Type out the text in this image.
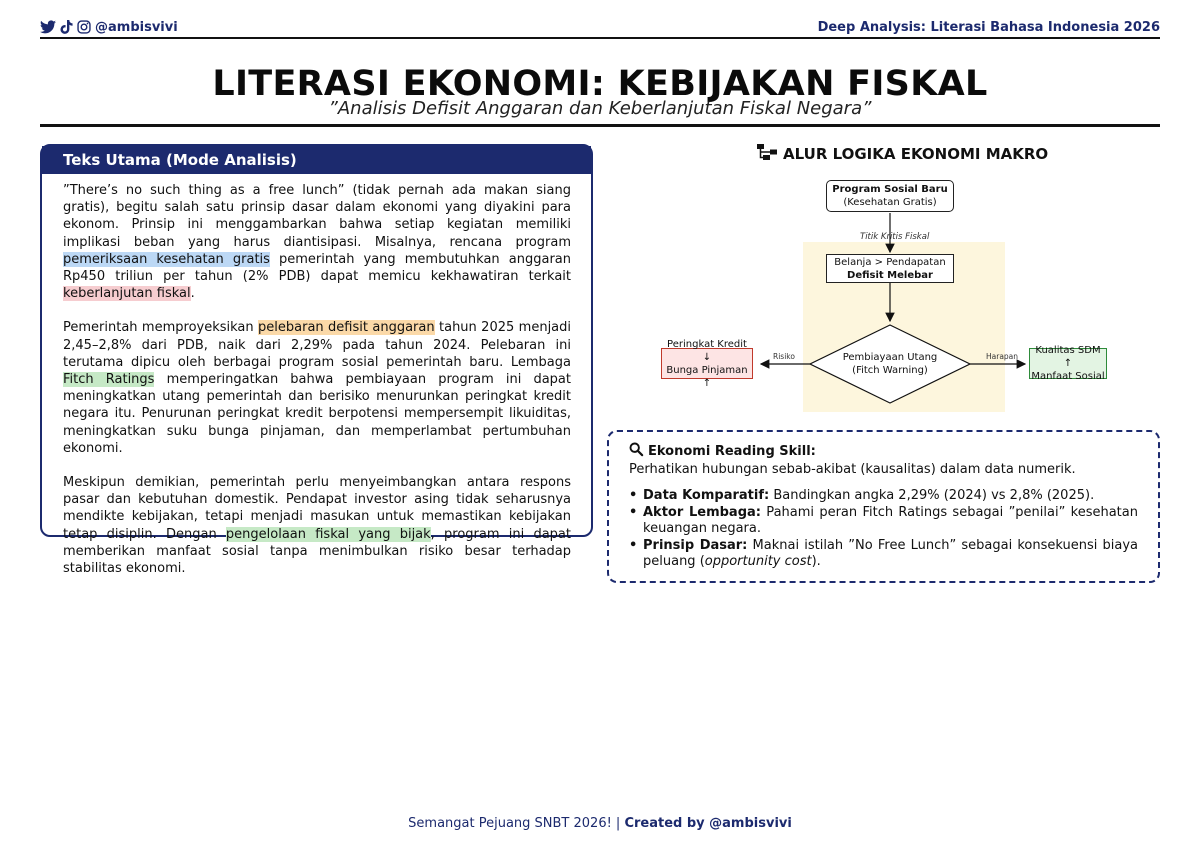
@ambisvivi	Deep Analysis: Literasi Bahasa Indonesia 2026
LITERASI EKONOMI: KEBIJAKAN FISKAL
”Analisis Defisit Anggaran dan Keberlanjutan Fiskal Negara”
Teks Utama (Mode Analisis)

”There’s no such thing as a free lunch” (tidak pernah ada makan siang gratis), begitu salah satu prinsip dasar dalam ekonomi yang diyakini para ekonom. Prinsip ini menggambarkan bahwa setiap kegiatan memiliki implikasi beban yang harus diantisipasi. Misalnya, rencana program pemeriksaan kesehatan gratis pemerintah yang membutuhkan anggaran Rp450 triliun per tahun (2% PDB) dapat memicu kekhawatiran terkait keberlanjutan fiskal.

Pemerintah memproyeksikan pelebaran defisit anggaran tahun 2025 menjadi 2,45–2,8% dari PDB, naik dari 2,29% pada tahun 2024. Pelebaran ini terutama dipicu oleh berbagai program sosial pemerintah baru. Lembaga Fitch Ratings memperingatkan bahwa pembiayaan program ini dapat meningkatkan utang pemerintah dan berisiko menurunkan peringkat kredit negara itu. Penurunan peringkat kredit berpotensi mempersempit likuiditas, meningkatkan suku bunga pinjaman, dan memperlambat pertumbuhan ekonomi.

Meskipun demikian, pemerintah perlu menyeimbangkan antara respons pasar dan kebutuhan domestik. Pendapat investor asing tidak seharusnya mendikte kebijakan, tetapi menjadi masukan untuk memastikan kebijakan tetap disiplin. Dengan pengelolaan fiskal yang bijak, program ini dapat memberikan manfaat sosial tanpa menimbulkan risiko besar terhadap stabilitas ekonomi.

ALUR LOGIKA EKONOMI MAKRO
Program Sosial Baru
(Kesehatan Gratis)
Titik Kritis Fiskal
Belanja > Pendapatan
Defisit Melebar
Pembiayaan Utang
(Fitch Warning)
Risiko	Harapan
Peringkat Kredit ↓
Bunga Pinjaman ↑
Kualitas SDM ↑
Manfaat Sosial
Ekonomi Reading Skill:
Perhatikan hubungan sebab-akibat (kausalitas) dalam data numerik.
• Data Komparatif: Bandingkan angka 2,29% (2024) vs 2,8% (2025).
• Aktor Lembaga: Pahami peran Fitch Ratings sebagai ”penilai” kesehatan keuangan negara.
• Prinsip Dasar: Maknai istilah ”No Free Lunch” sebagai konsekuensi biaya peluang (opportunity cost).
Semangat Pejuang SNBT 2026! | Created by @ambisvivi
